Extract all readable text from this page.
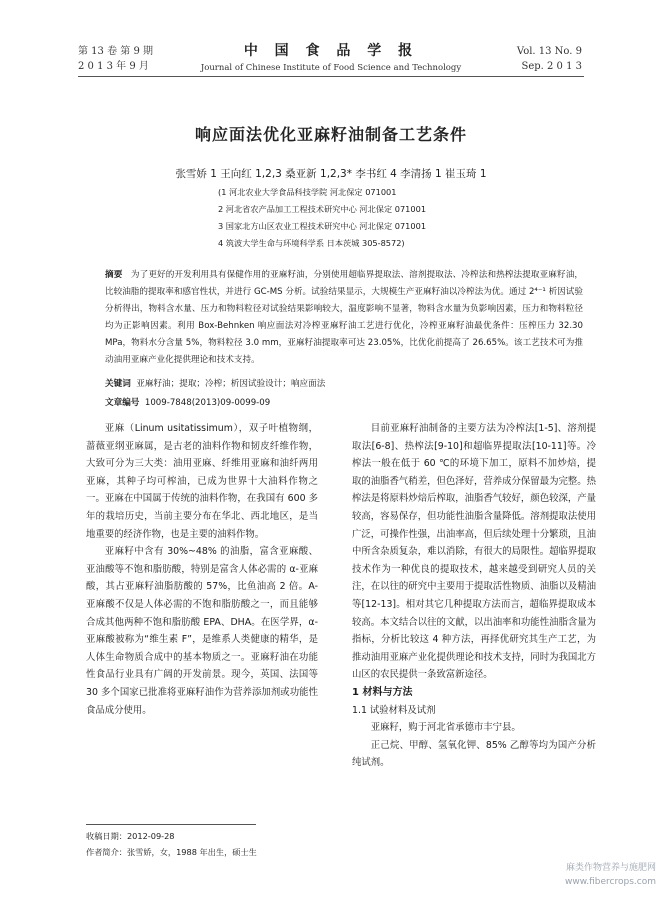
第 13 卷 第 9 期
2 0 1 3 年 9 月
中 国 食 品 学 报
Journal of Chinese Institute of Food Science and Technology
Vol. 13 No. 9
Sep. 2 0 1 3
响应面法优化亚麻籽油制备工艺条件
张雪娇 1 王向红 1,2,3 桑亚新 1,2,3* 李书红 4 李清扬 1 崔玉琦 1
(1 河北农业大学食品科技学院 河北保定 071001
2 河北省农产品加工工程技术研究中心 河北保定 071001
3 国家北方山区农业工程技术研究中心 河北保定 071001
4 筑波大学生命与环境科学系 日本茨城 305-8572)
摘要 为了更好的开发利用具有保健作用的亚麻籽油，分别使用超临界提取法、溶剂提取法、冷榨法和热榨法提取亚麻籽油，比较油脂的提取率和感官性状，并进行 GC-MS 分析。试验结果显示，大规模生产亚麻籽油以冷榨法为优。通过 2⁴⁻¹ 析因试验分析得出，物料含水量、压力和物料粒径对试验结果影响较大，温度影响不显著，物料含水量为负影响因素，压力和物料粒径均为正影响因素。利用 Box-Behnken 响应面法对冷榨亚麻籽油工艺进行优化，冷榨亚麻籽油最优条件：压榨压力 32.30 MPa，物料水分含量 5%，物料粒径 3.0 mm，亚麻籽油提取率可达 23.05%，比优化前提高了 26.65%。该工艺技术可为推动油用亚麻产业化提供理论和技术支持。
关键词 亚麻籽油；提取；冷榨；析因试验设计；响应面法
文章编号 1009-7848(2013)09-0099-09

亚麻（Linum usitatissimum），双子叶植物纲，蔷薇亚纲亚麻属，是古老的油料作物和韧皮纤维作物，大致可分为三大类：油用亚麻、纤维用亚麻和油纤两用亚麻，其种子均可榨油，已成为世界十大油料作物之一。亚麻在中国属于传统的油料作物，在我国有 600 多年的栽培历史，当前主要分布在华北、西北地区，是当地重要的经济作物，也是主要的油料作物。

亚麻籽中含有 30%~48% 的油脂，富含亚麻酸、亚油酸等不饱和脂肪酸，特别是富含人体必需的 α-亚麻酸，其占亚麻籽油脂肪酸的 57%，比鱼油高 2 倍。A-亚麻酸不仅是人体必需的不饱和脂肪酸之一，而且能够合成其他两种不饱和脂肪酸 EPA、DHA。在医学界，α-亚麻酸被称为“维生素 F”，是维系人类健康的精华，是人体生命物质合成中的基本物质之一。亚麻籽油在功能性食品行业具有广阔的开发前景。现今，英国、法国等 30 多个国家已批准将亚麻籽油作为营养添加剂或功能性食品成分使用。

目前亚麻籽油制备的主要方法为冷榨法[1-5]、溶剂提取法[6-8]、热榨法[9-10]和超临界提取法[10-11]等。冷榨法一般在低于 60 ℃的环境下加工，原料不加炒焙，提取的油脂香气稍差，但色泽好，营养成分保留最为完整。热榨法是将原料炒焙后榨取，油脂香气较好，颜色较深，产量较高，容易保存，但功能性油脂含量降低。溶剂提取法使用广泛，可操作性强，出油率高，但后续处理十分繁琐，且油中所含杂质复杂，难以消除，有很大的局限性。超临界提取技术作为一种优良的提取技术，越来越受到研究人员的关注，在以往的研究中主要用于提取活性物质、油脂以及精油等[12-13]。相对其它几种提取方法而言，超临界提取成本较高。本文结合以往的文献，以出油率和功能性油脂含量为指标，分析比较这 4 种方法，再择优研究其生产工艺，为推动油用亚麻产业化提供理论和技术支持，同时为我国北方山区的农民提供一条致富新途径。

1 材料与方法

1.1 试验材料及试剂

亚麻籽，购于河北省承德市丰宁县。

正己烷、甲醇、氢氧化钾、85% 乙醇等均为国产分析纯试剂。

收稿日期：2012-09-28
作者简介：张雪娇，女，1988 年出生，硕士生
麻类作物营养与施肥网
www.fibercrops.com
